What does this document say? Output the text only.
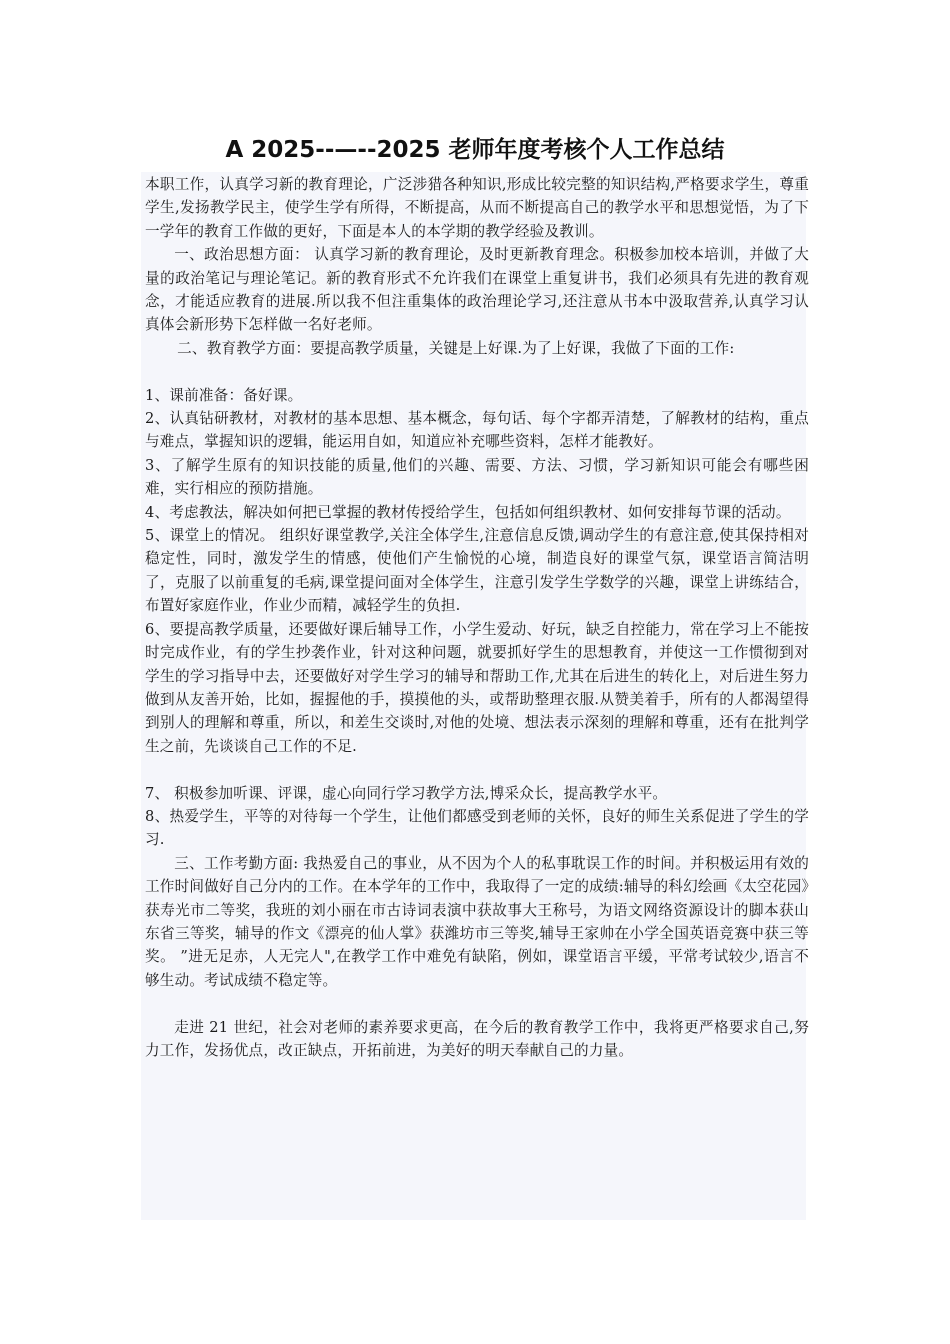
A 2025--—--2025 老师年度考核个人工作总结

本职工作，认真学习新的教育理论，广泛涉猎各种知识,形成比较完整的知识结构,严格要求学生，尊重学生,发扬教学民主，使学生学有所得，不断提高，从而不断提高自己的教学水平和思想觉悟，为了下一学年的教育工作做的更好，下面是本人的本学期的教学经验及教训。

一、政治思想方面： 认真学习新的教育理论，及时更新教育理念。积极参加校本培训，并做了大量的政治笔记与理论笔记。新的教育形式不允许我们在课堂上重复讲书，我们必须具有先进的教育观念，才能适应教育的进展.所以我不但注重集体的政治理论学习,还注意从书本中汲取营养,认真学习认真体会新形势下怎样做一名好老师。

二、教育教学方面：要提高教学质量，关键是上好课.为了上好课，我做了下面的工作:

1、课前准备：备好课。

2、认真钻研教材，对教材的基本思想、基本概念，每句话、每个字都弄清楚，了解教材的结构，重点与难点，掌握知识的逻辑，能运用自如，知道应补充哪些资料，怎样才能教好。

3、了解学生原有的知识技能的质量,他们的兴趣、需要、方法、习惯，学习新知识可能会有哪些困难，实行相应的预防措施。

4、考虑教法，解决如何把已掌握的教材传授给学生，包括如何组织教材、如何安排每节课的活动。

5、课堂上的情况。 组织好课堂教学,关注全体学生,注意信息反馈,调动学生的有意注意,使其保持相对稳定性，同时，激发学生的情感，使他们产生愉悦的心境，制造良好的课堂气氛，课堂语言简洁明了，克服了以前重复的毛病,课堂提问面对全体学生，注意引发学生学数学的兴趣，课堂上讲练结合，布置好家庭作业，作业少而精，减轻学生的负担.

6、要提高教学质量，还要做好课后辅导工作，小学生爱动、好玩，缺乏自控能力，常在学习上不能按时完成作业，有的学生抄袭作业，针对这种问题，就要抓好学生的思想教育，并使这一工作惯彻到对学生的学习指导中去，还要做好对学生学习的辅导和帮助工作,尤其在后进生的转化上，对后进生努力做到从友善开始，比如，握握他的手，摸摸他的头，或帮助整理衣服.从赞美着手，所有的人都渴望得到别人的理解和尊重，所以，和差生交谈时,对他的处境、想法表示深刻的理解和尊重，还有在批判学生之前，先谈谈自己工作的不足.

7、 积极参加听课、评课，虚心向同行学习教学方法,博采众长，提高教学水平。

8、热爱学生，平等的对待每一个学生，让他们都感受到老师的关怀，良好的师生关系促进了学生的学习.

三、工作考勤方面: 我热爱自己的事业，从不因为个人的私事耽误工作的时间。并积极运用有效的工作时间做好自己分内的工作。在本学年的工作中，我取得了一定的成绩:辅导的科幻绘画《太空花园》获寿光市二等奖，我班的刘小丽在市古诗词表演中获故事大王称号，为语文网络资源设计的脚本获山东省三等奖，辅导的作文《漂亮的仙人掌》获潍坊市三等奖,辅导王家帅在小学全国英语竞赛中获三等奖。 ”进无足赤，人无完人",在教学工作中难免有缺陷，例如，课堂语言平缓，平常考试较少,语言不够生动。考试成绩不稳定等。

走进 21 世纪，社会对老师的素养要求更高，在今后的教育教学工作中，我将更严格要求自己,努力工作，发扬优点，改正缺点，开拓前进，为美好的明天奉献自己的力量。
